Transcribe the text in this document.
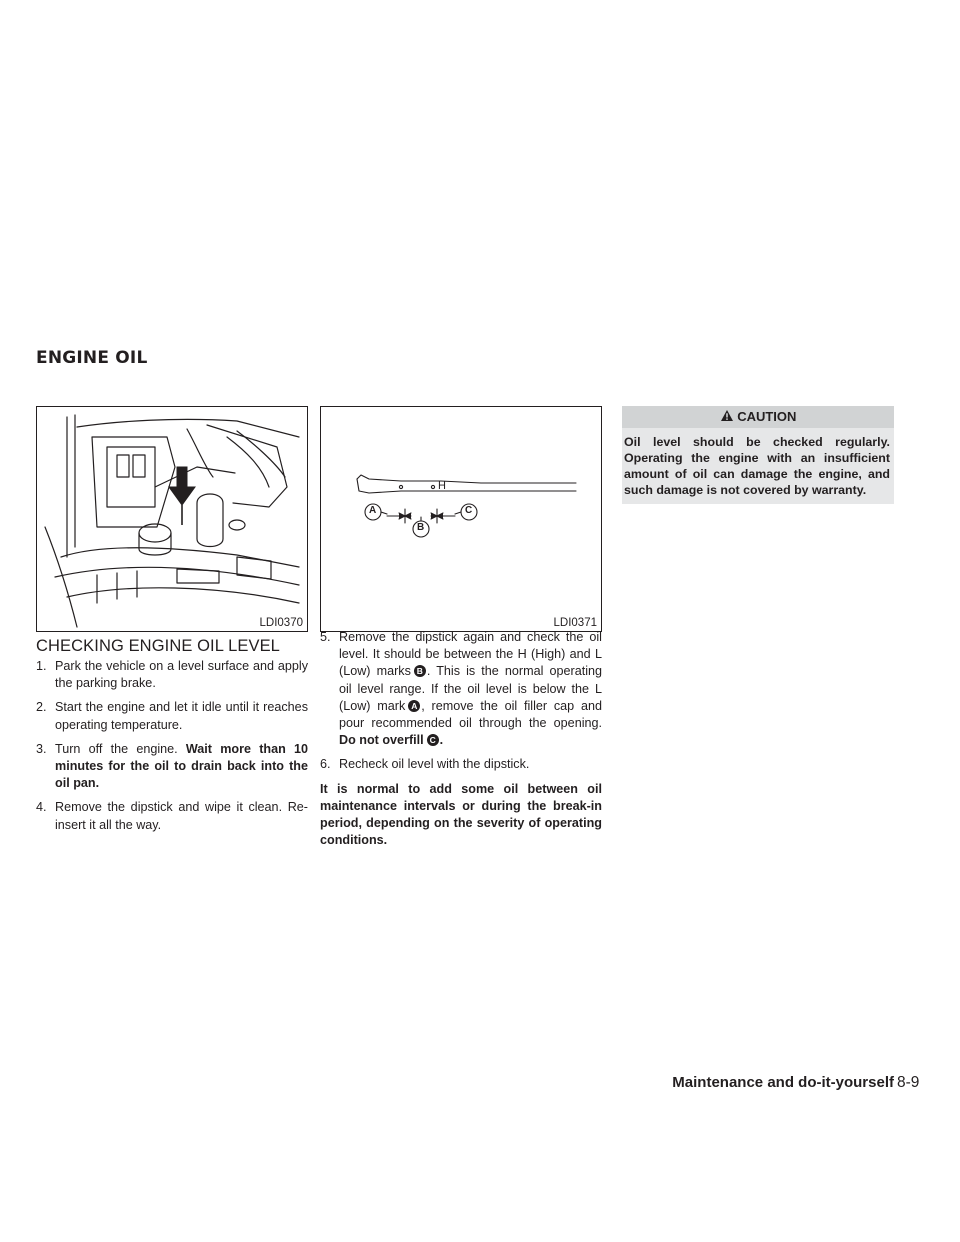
ENGINE OIL
LDI0370
H
A
B
C
LDI0371
CAUTION
Oil level should be checked regularly. Operating the engine with an insufficient amount of oil can damage the engine, and such damage is not covered by warranty.
CHECKING ENGINE OIL LEVEL
1. Park the vehicle on a level surface and apply the parking brake.
2. Start the engine and let it idle until it reaches operating temperature.
3. Turn off the engine. Wait more than 10 minutes for the oil to drain back into the oil pan.
4. Remove the dipstick and wipe it clean. Re-insert it all the way.
5. Remove the dipstick again and check the oil level. It should be between the H (High) and L (Low) marks B . This is the normal operating oil level range. If the oil level is below the L (Low) mark A , remove the oil filler cap and pour recommended oil through the opening. Do not overfill C .
6. Recheck oil level with the dipstick.

It is normal to add some oil between oil maintenance intervals or during the break-in period, depending on the severity of operating conditions.

Maintenance and do-it-yourself 8-9
